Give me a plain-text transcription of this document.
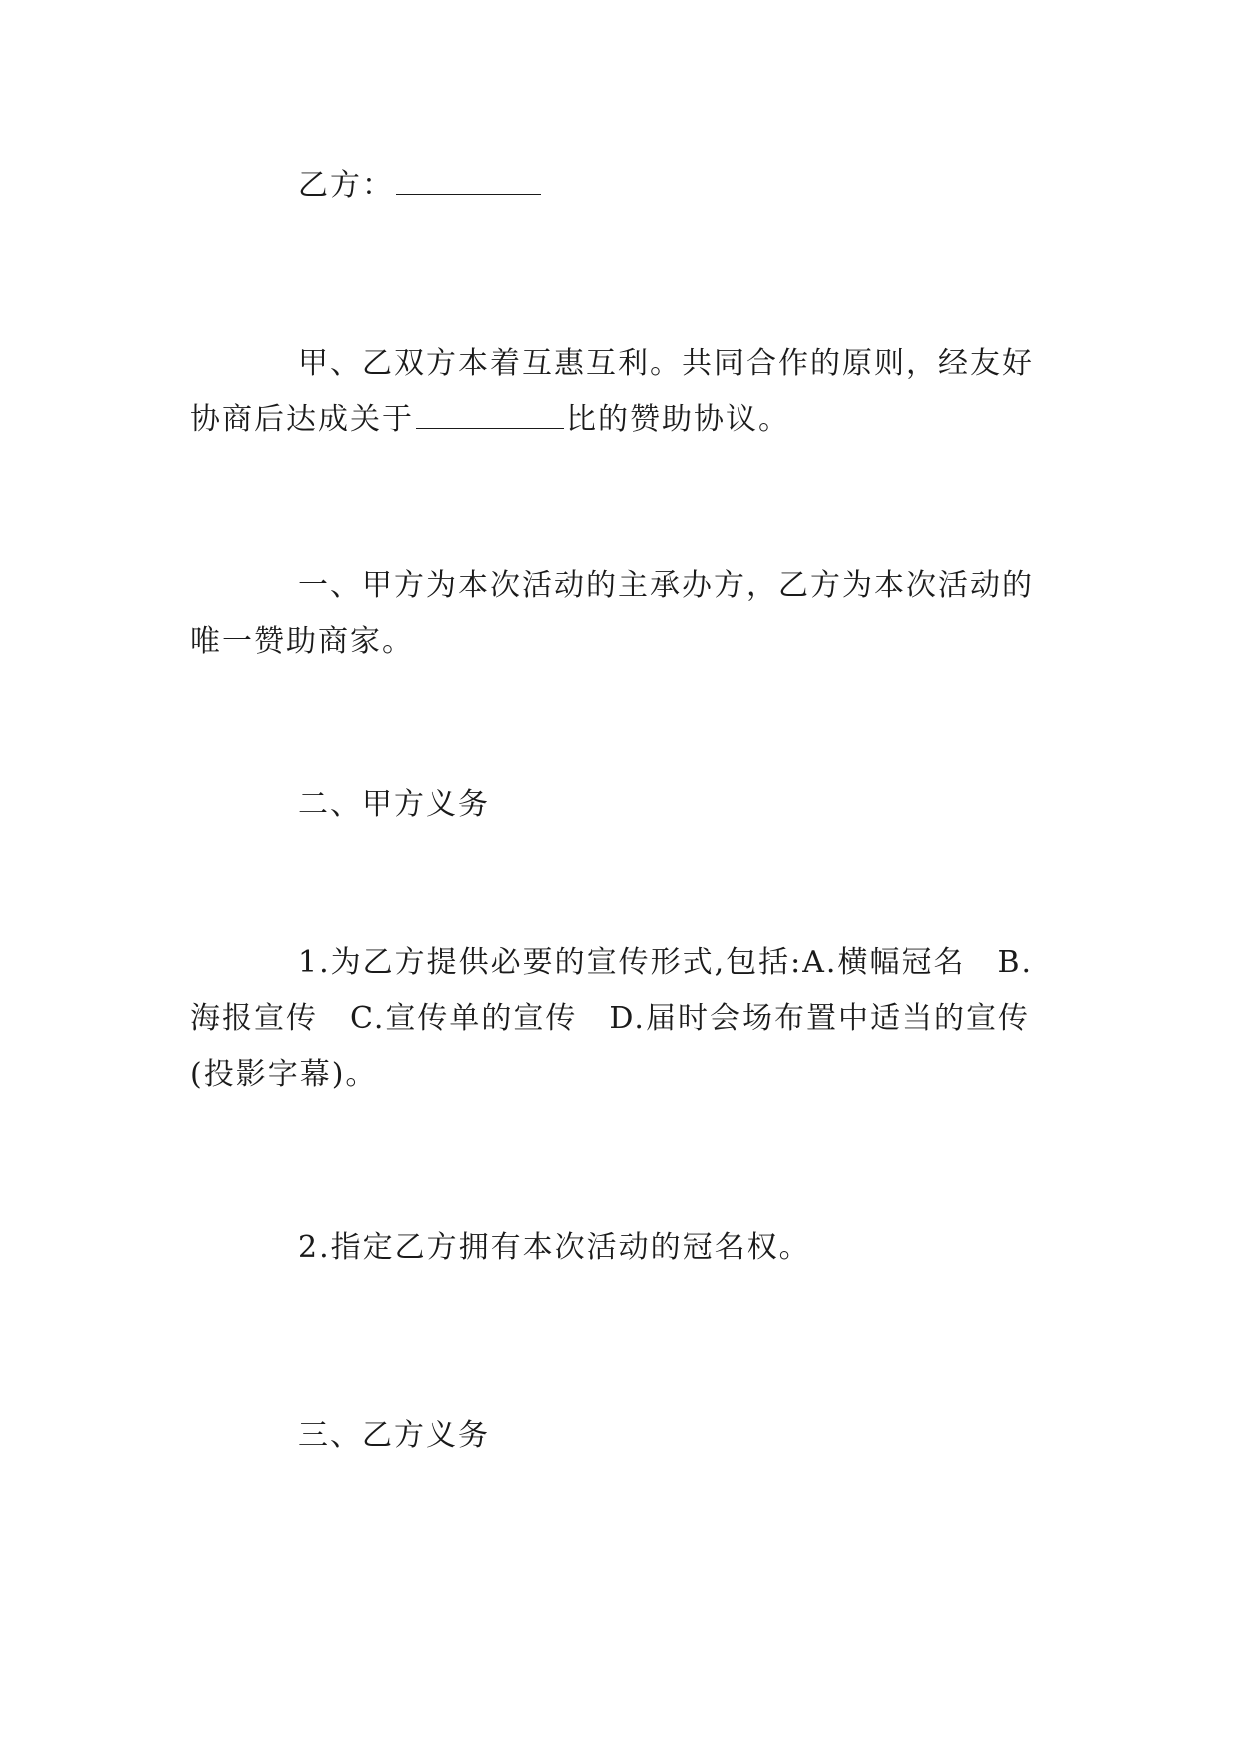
乙方：

甲、乙双方本着互惠互利。共同合作的原则，经友好协商后达成关于	比的赞助协议。

一、甲方为本次活动的主承办方，乙方为本次活动的唯一赞助商家。

二、甲方义务

1.为乙方提供必要的宣传形式,包括:A.横幅冠名　B.海报宣传　C.宣传单的宣传　D.届时会场布置中适当的宣传(投影字幕)。

2.指定乙方拥有本次活动的冠名权。

三、乙方义务
